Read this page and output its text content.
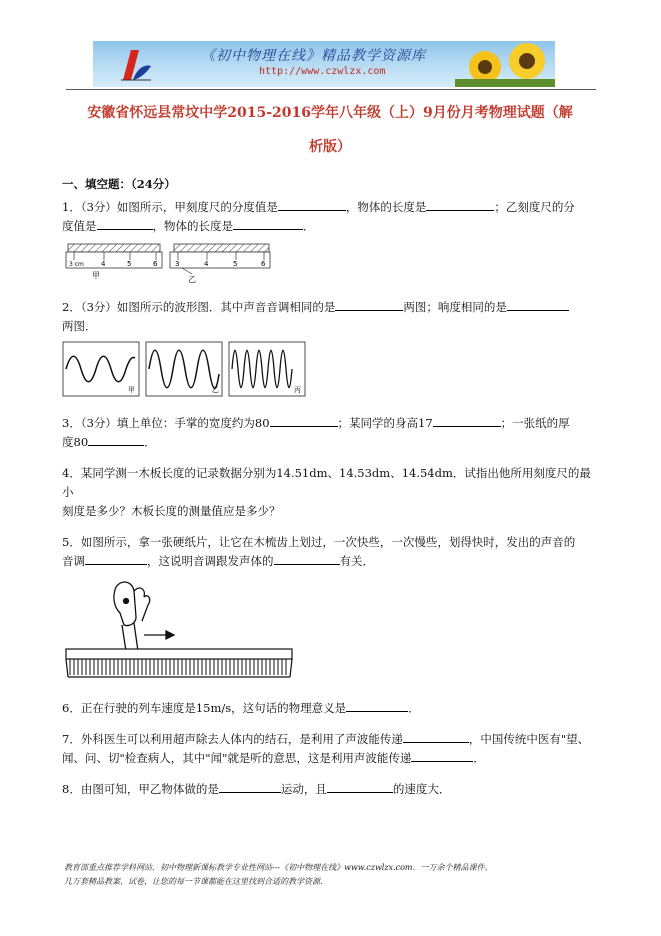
《初中物理在线》精品教学资源库
http://www.czwlzx.com
安徽省怀远县常坟中学2015-2016学年八年级（上）9月份月考物理试题（解
析版）
一、填空题：（24分）

1．（3分）如图所示，甲刻度尺的分度值是	，物体的长度是	；乙刻度尺的分
度值是	，物体的长度是	．

3 cm 4	5	6
甲
3	4	5	6
乙

2．（3分）如图所示的波形图．其中声音音调相同的是	两图；响度相同的是
两图．

甲	乙	丙

3．（3分）填上单位：手掌的宽度约为80	；某同学的身高17	；一张纸的厚
度80	．

4．某同学测一木板长度的记录数据分别为14.51dm、14.53dm、14.54dm．试指出他所用刻度尺的最小
刻度是多少？木板长度的测量值应是多少？

5．如图所示，拿一张硬纸片，让它在木梳齿上划过，一次快些，一次慢些，划得快时，发出的声音的
音调	，这说明音调跟发声体的	有关．

6．正在行驶的列车速度是15m/s，这句话的物理意义是	．

7．外科医生可以利用超声除去人体内的结石，是利用了声波能传递	，中国传统中医有"望、
闻、问、切"检查病人，其中"闻"就是听的意思，这是利用声波能传递	．

8．由图可知，甲乙物体做的是	运动，且	的速度大．

教育部重点推荐学科网站．初中物理新课标教学专业性网站---《初中物理在线》www.czwlzx.com．一万余个精品课件、
几万套精品教案、试卷，让您的每一节课都能在这里找到合适的教学资源．
